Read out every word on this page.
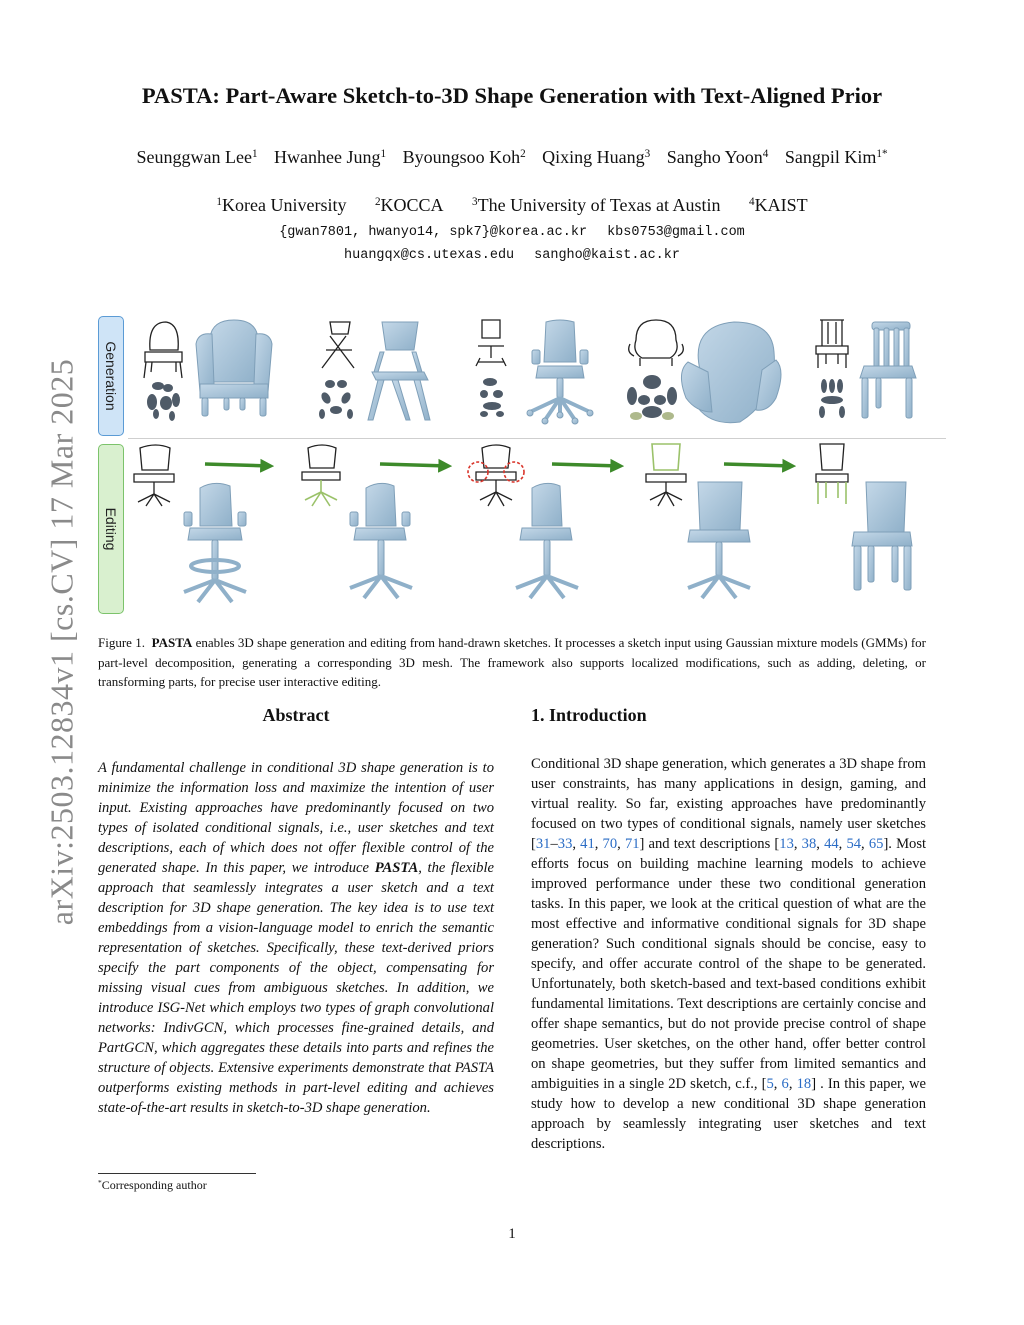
PASTA: Part-Aware Sketch-to-3D Shape Generation with Text-Aligned Prior
Seunggwan Lee$^1$ Hwanhee Jung$^1$ Byoungsoo Koh$^2$ Qixing Huang$^3$ Sangho Yoon$^4$ Sangpil Kim$^{1*}$
$^1$Korea University	$^2$KOCCA	$^3$The University of Texas at Austin	$^4$KAIST
{gwan7801, hwanyo14, spk7}@korea.ac.kr kbs0753@gmail.com
huangqx@cs.utexas.edu sangho@kaist.ac.kr
arXiv:2503.12834v1 [cs.CV] 17 Mar 2025 Generation
Editing
Figure 1. PASTA enables 3D shape generation and editing from hand-drawn sketches. It processes a sketch input using Gaussian mixture models (GMMs) for part-level decomposition, generating a corresponding 3D mesh. The framework also supports localized modifications, such as adding, deleting, or transforming parts, for precise user interactive editing.
Abstract
A fundamental challenge in conditional 3D shape generation is to minimize the information loss and maximize the intention of user input. Existing approaches have predominantly focused on two types of isolated conditional signals, i.e., user sketches and text descriptions, each of which does not offer flexible control of the generated shape. In this paper, we introduce PASTA, the flexible approach that seamlessly integrates a user sketch and a text description for 3D shape generation. The key idea is to use text embeddings from a vision-language model to enrich the semantic representation of sketches. Specifically, these text-derived priors specify the part components of the object, compensating for missing visual cues from ambiguous sketches. In addition, we introduce ISG-Net which employs two types of graph convolutional networks: IndivGCN, which processes fine-grained details, and PartGCN, which aggregates these details into parts and refines the structure of objects. Extensive experiments demonstrate that PASTA outperforms existing methods in part-level editing and achieves state-of-the-art results in sketch-to-3D shape generation.
1. Introduction
Conditional 3D shape generation, which generates a 3D shape from user constraints, has many applications in design, gaming, and virtual reality. So far, existing approaches have predominantly focused on two types of conditional signals, namely user sketches [31–33, 41, 70, 71] and text descriptions [13, 38, 44, 54, 65]. Most efforts focus on building machine learning models to achieve improved performance under these two conditional generation tasks. In this paper, we look at the critical question of what are the most effective and informative conditional signals for 3D shape generation? Such conditional signals should be concise, easy to specify, and offer accurate control of the shape to be generated. Unfortunately, both sketch-based and text-based conditions exhibit fundamental limitations. Text descriptions are certainly concise and offer shape semantics, but do not provide precise control of shape geometries. User sketches, on the other hand, offer better control on shape geometries, but they suffer from limited semantics and ambiguities in a single 2D sketch, c.f., [5, 6, 18] . In this paper, we study how to develop a new conditional 3D shape generation approach by seamlessly integrating user sketches and text descriptions.
*Corresponding author
1
